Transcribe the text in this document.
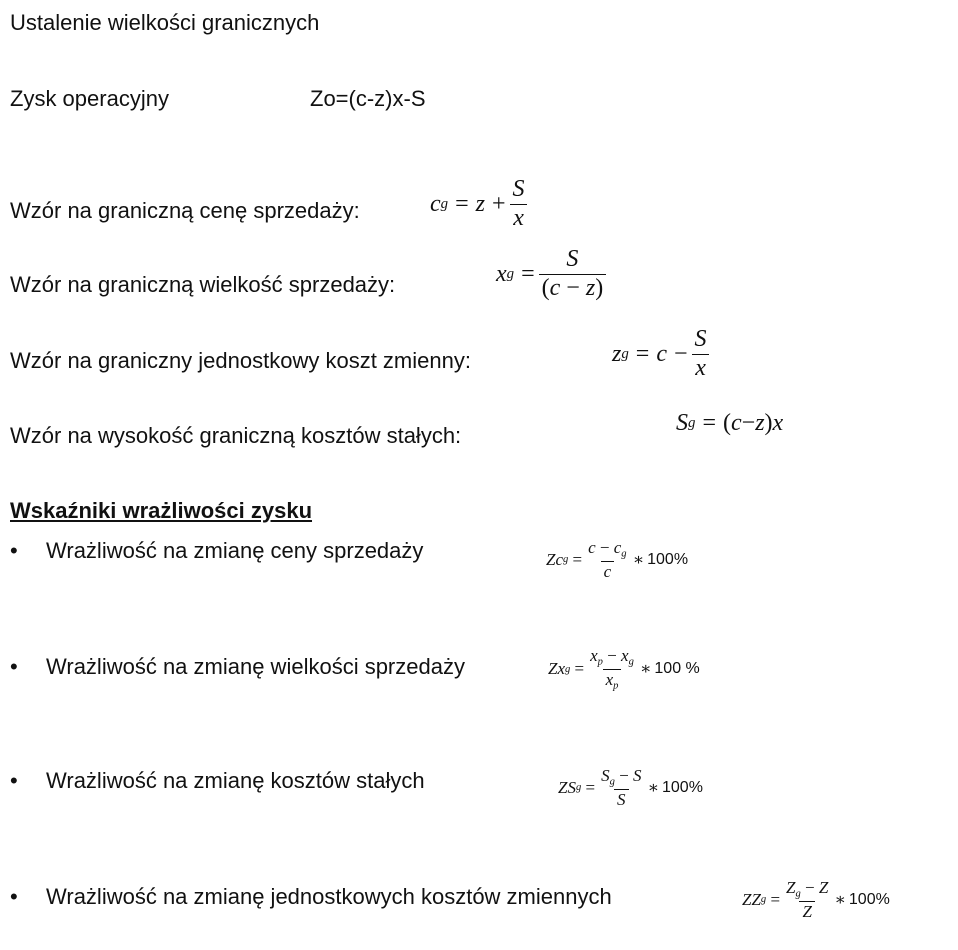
Ustalenie wielkości granicznych
Zysk operacyjny	Zo=(c-z)x-S
Wzór na graniczną cenę sprzedaży:	c $g = z + \frac{S}{x}$
Wzór na graniczną wielkość sprzedaży:	x $g = \frac{S}{(c - z)}$
Wzór na graniczny jednostkowy koszt zmienny:	z $g = c - \frac{S}{x}$
Wzór na wysokość graniczną kosztów stałych:	S g = ( c − z ) x
Wskaźniki wrażliwości zysku
• Wrażliwość na zmianę ceny sprzedaży	Zc $g = \frac{c - c_g}{c}$ ∗ 100%
• Wrażliwość na zmianę wielkości sprzedaży	Zx $g = \frac{x_p - x_g}{x_p}$ ∗ 100 %
• Wrażliwość na zmianę kosztów stałych	ZS $g = \frac{S_g - S}{S}$ ∗ 100%
• Wrażliwość na zmianę jednostkowych kosztów zmiennych	ZZ $g = \frac{Z_g - Z}{Z}$ ∗ 100%
